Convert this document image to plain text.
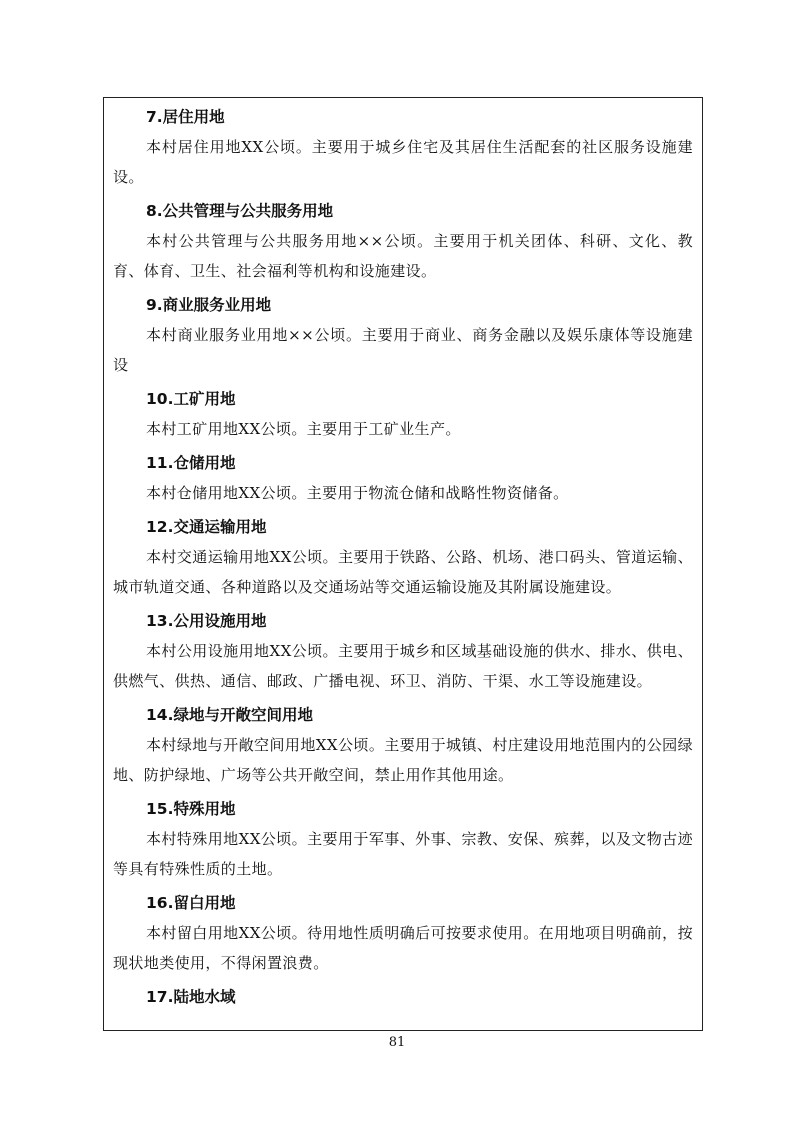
7.居住用地
本村居住用地XX公顷。主要用于城乡住宅及其居住生活配套的社区服务设施建设。
8.公共管理与公共服务用地
本村公共管理与公共服务用地××公顷。主要用于机关团体、科研、文化、教育、体育、卫生、社会福利等机构和设施建设。
9.商业服务业用地
本村商业服务业用地××公顷。主要用于商业、商务金融以及娱乐康体等设施建设
10.工矿用地
本村工矿用地XX公顷。主要用于工矿业生产。
11.仓储用地
本村仓储用地XX公顷。主要用于物流仓储和战略性物资储备。
12.交通运输用地
本村交通运输用地XX公顷。主要用于铁路、公路、机场、港口码头、管道运输、城市轨道交通、各种道路以及交通场站等交通运输设施及其附属设施建设。
13.公用设施用地
本村公用设施用地XX公顷。主要用于城乡和区域基础设施的供水、排水、供电、供燃气、供热、通信、邮政、广播电视、环卫、消防、干渠、水工等设施建设。
14.绿地与开敞空间用地
本村绿地与开敞空间用地XX公顷。主要用于城镇、村庄建设用地范围内的公园绿地、防护绿地、广场等公共开敞空间，禁止用作其他用途。
15.特殊用地
本村特殊用地XX公顷。主要用于军事、外事、宗教、安保、殡葬，以及文物古迹等具有特殊性质的土地。
16.留白用地
本村留白用地XX公顷。待用地性质明确后可按要求使用。在用地项目明确前，按现状地类使用，不得闲置浪费。
17.陆地水域
81
